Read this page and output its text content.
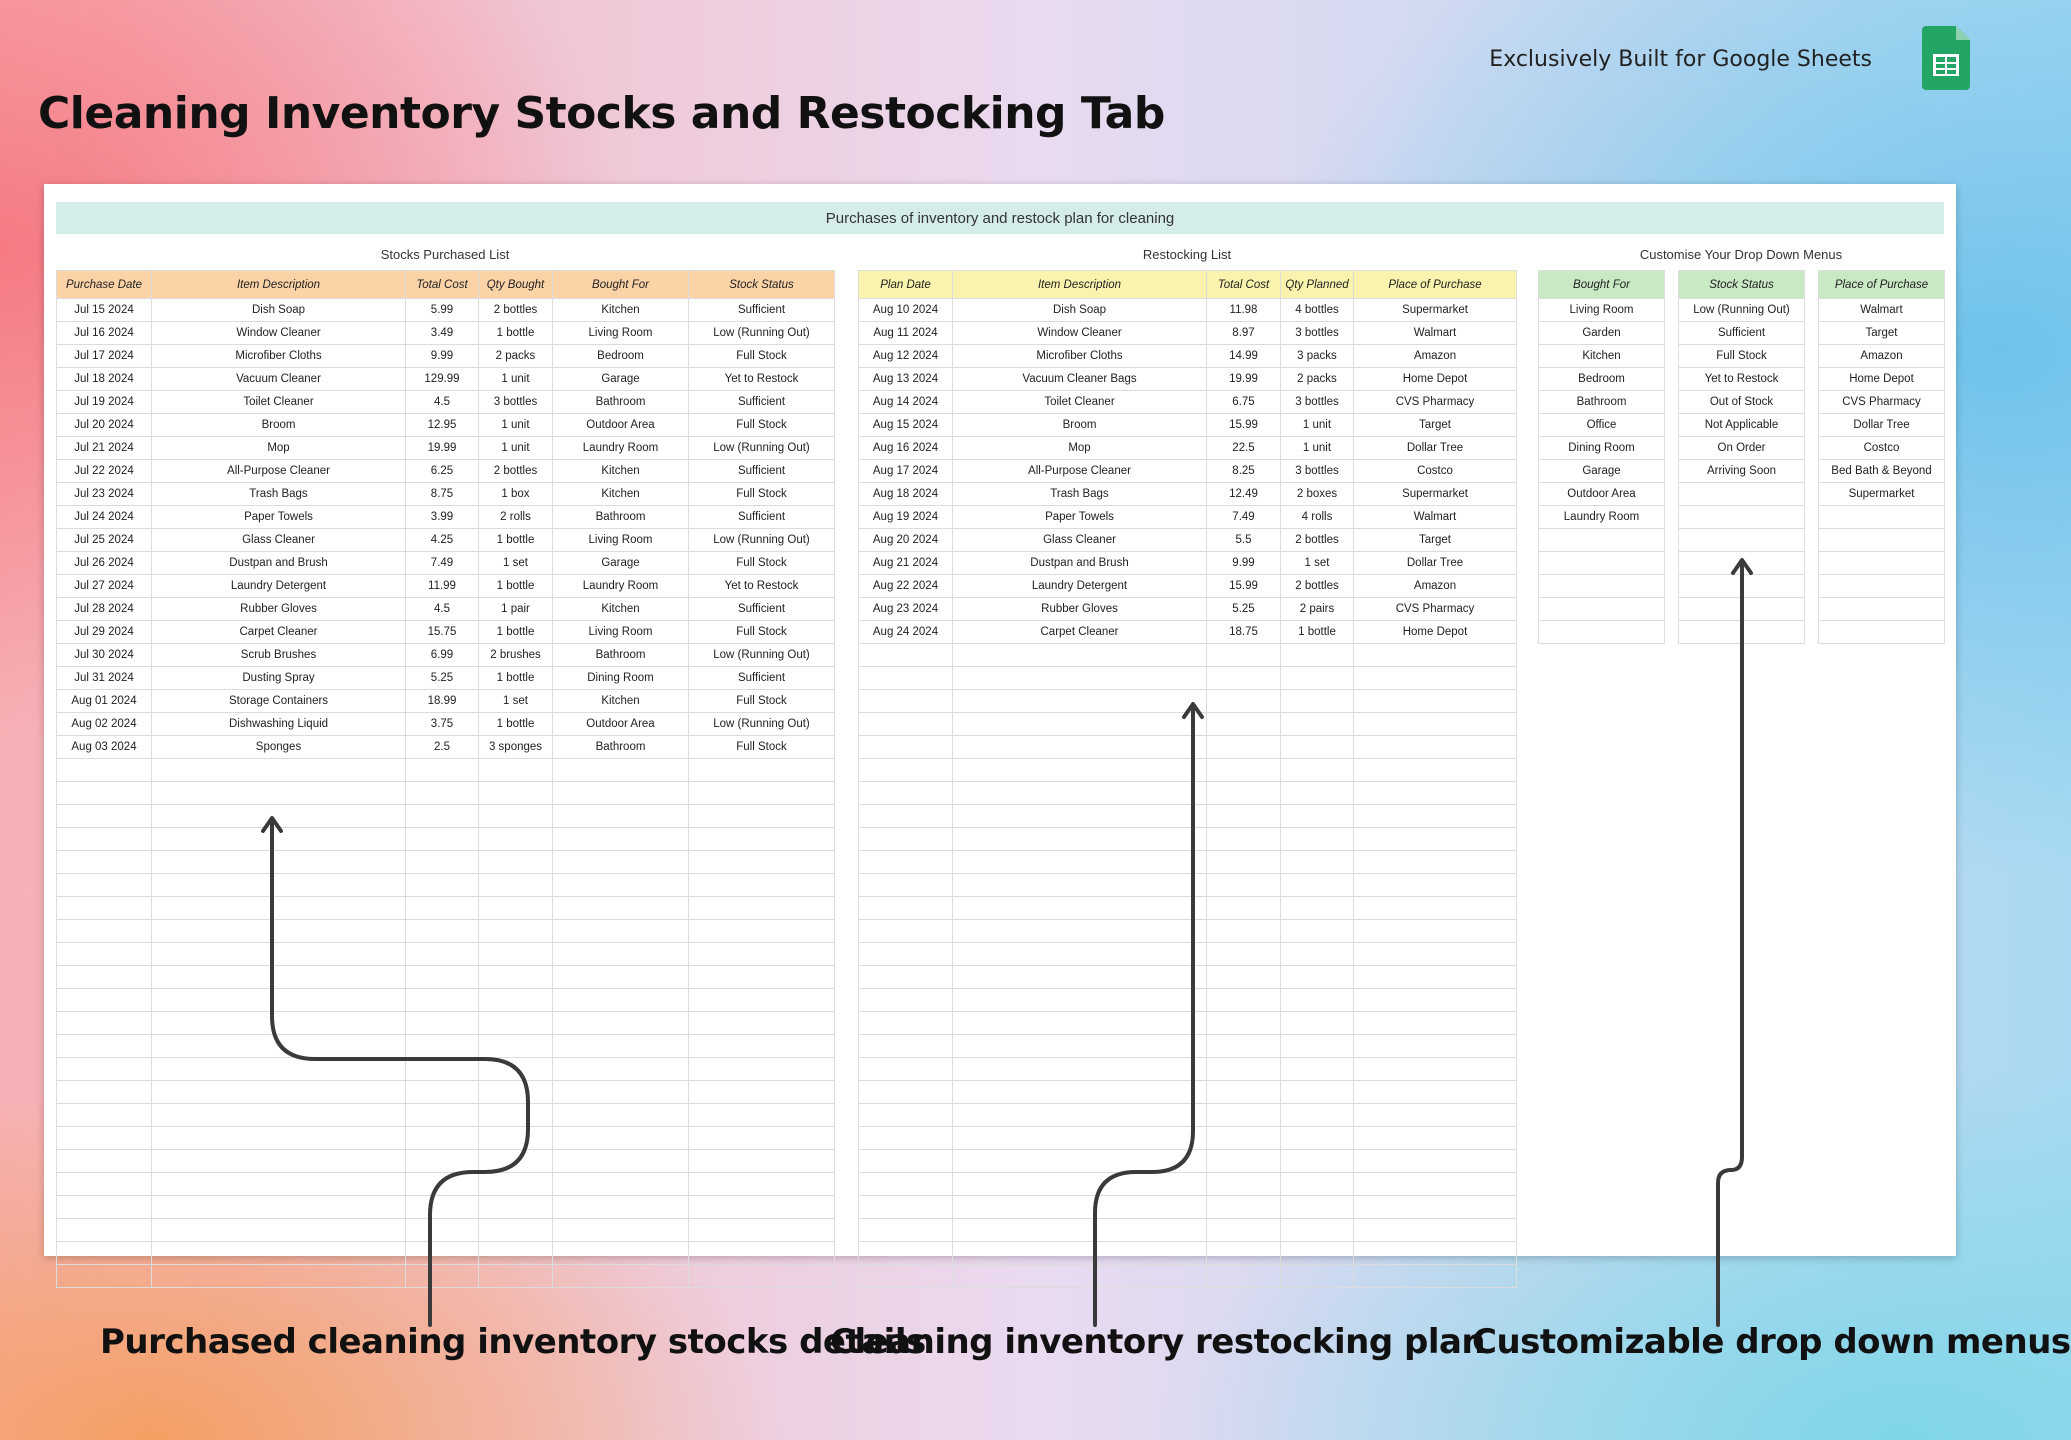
Cleaning Inventory Stocks and Restocking Tab
Exclusively Built for Google Sheets
Purchases of inventory and restock plan for cleaning
Stocks Purchased List	Restocking List	Customise Your Drop Down Menus
Purchase Date	Item Description	Total Cost	Qty Bought	Bought For	Stock Status
Jul 15 2024	Dish Soap	5.99	2 bottles	Kitchen	Sufficient
Jul 16 2024	Window Cleaner	3.49	1 bottle	Living Room	Low (Running Out)
Jul 17 2024	Microfiber Cloths	9.99	2 packs	Bedroom	Full Stock
Jul 18 2024	Vacuum Cleaner	129.99	1 unit	Garage	Yet to Restock
Jul 19 2024	Toilet Cleaner	4.5	3 bottles	Bathroom	Sufficient
Jul 20 2024	Broom	12.95	1 unit	Outdoor Area	Full Stock
Jul 21 2024	Mop	19.99	1 unit	Laundry Room	Low (Running Out)
Jul 22 2024	All-Purpose Cleaner	6.25	2 bottles	Kitchen	Sufficient
Jul 23 2024	Trash Bags	8.75	1 box	Kitchen	Full Stock
Jul 24 2024	Paper Towels	3.99	2 rolls	Bathroom	Sufficient
Jul 25 2024	Glass Cleaner	4.25	1 bottle	Living Room	Low (Running Out)
Jul 26 2024	Dustpan and Brush	7.49	1 set	Garage	Full Stock
Jul 27 2024	Laundry Detergent	11.99	1 bottle	Laundry Room	Yet to Restock
Jul 28 2024	Rubber Gloves	4.5	1 pair	Kitchen	Sufficient
Jul 29 2024	Carpet Cleaner	15.75	1 bottle	Living Room	Full Stock
Jul 30 2024	Scrub Brushes	6.99	2 brushes	Bathroom	Low (Running Out)
Jul 31 2024	Dusting Spray	5.25	1 bottle	Dining Room	Sufficient
Aug 01 2024	Storage Containers	18.99	1 set	Kitchen	Full Stock
Aug 02 2024	Dishwashing Liquid	3.75	1 bottle	Outdoor Area	Low (Running Out)
Aug 03 2024	Sponges	2.5	3 sponges	Bathroom	Full Stock

Plan Date	Item Description	Total Cost	Qty Planned	Place of Purchase
Aug 10 2024	Dish Soap	11.98	4 bottles	Supermarket
Aug 11 2024	Window Cleaner	8.97	3 bottles	Walmart
Aug 12 2024	Microfiber Cloths	14.99	3 packs	Amazon
Aug 13 2024	Vacuum Cleaner Bags	19.99	2 packs	Home Depot
Aug 14 2024	Toilet Cleaner	6.75	3 bottles	CVS Pharmacy
Aug 15 2024	Broom	15.99	1 unit	Target
Aug 16 2024	Mop	22.5	1 unit	Dollar Tree
Aug 17 2024	All-Purpose Cleaner	8.25	3 bottles	Costco
Aug 18 2024	Trash Bags	12.49	2 boxes	Supermarket
Aug 19 2024	Paper Towels	7.49	4 rolls	Walmart
Aug 20 2024	Glass Cleaner	5.5	2 bottles	Target
Aug 21 2024	Dustpan and Brush	9.99	1 set	Dollar Tree
Aug 22 2024	Laundry Detergent	15.99	2 bottles	Amazon
Aug 23 2024	Rubber Gloves	5.25	2 pairs	CVS Pharmacy
Aug 24 2024	Carpet Cleaner	18.75	1 bottle	Home Depot

Bought For
Living Room
Garden
Kitchen
Bedroom
Bathroom
Office
Dining Room
Garage
Outdoor Area
Laundry Room

Stock Status
Low (Running Out)
Sufficient
Full Stock
Yet to Restock
Out of Stock
Not Applicable
On Order
Arriving Soon

Place of Purchase
Walmart
Target
Amazon
Home Depot
CVS Pharmacy
Dollar Tree
Costco
Bed Bath & Beyond
Supermarket

Purchased cleaning inventory stocks details
Cleaning inventory restocking plan
Customizable drop down menus
